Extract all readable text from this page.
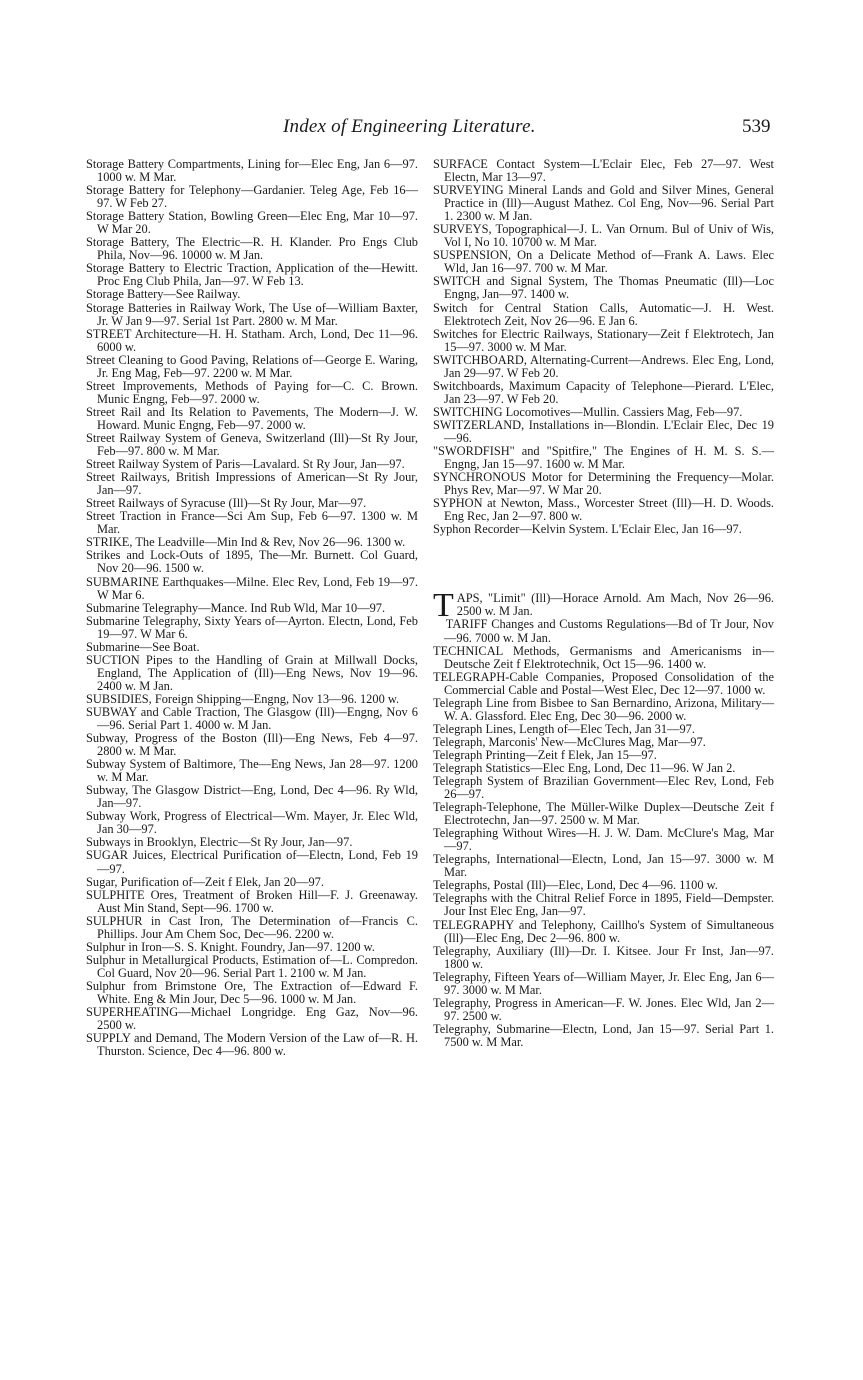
Index of Engineering Literature.	539

Storage Battery Compartments, Lining for—Elec Eng, Jan 6—97. 1000 w. M Mar.

Storage Battery for Telephony—Gardanier. Teleg Age, Feb 16—97. W Feb 27.

Storage Battery Station, Bowling Green—Elec Eng, Mar 10—97. W Mar 20.

Storage Battery, The Electric—R. H. Klander. Pro Engs Club Phila, Nov—96. 10000 w. M Jan.

Storage Battery to Electric Traction, Application of the—Hewitt. Proc Eng Club Phila, Jan—97. W Feb 13.

Storage Battery—See Railway.

Storage Batteries in Railway Work, The Use of—William Baxter, Jr. W Jan 9—97. Serial 1st Part. 2800 w. M Mar.

STREET Architecture—H. H. Statham. Arch, Lond, Dec 11—96. 6000 w.

Street Cleaning to Good Paving, Relations of—George E. Waring, Jr. Eng Mag, Feb—97. 2200 w. M Mar.

Street Improvements, Methods of Paying for—C. C. Brown. Munic Engng, Feb—97. 2000 w.

Street Rail and Its Relation to Pavements, The Modern—J. W. Howard. Munic Engng, Feb—97. 2000 w.

Street Railway System of Geneva, Switzerland (Ill)—St Ry Jour, Feb—97. 800 w. M Mar.

Street Railway System of Paris—Lavalard. St Ry Jour, Jan—97.

Street Railways, British Impressions of American—St Ry Jour, Jan—97.

Street Railways of Syracuse (Ill)—St Ry Jour, Mar—97.

Street Traction in France—Sci Am Sup, Feb 6—97. 1300 w. M Mar.

STRIKE, The Leadville—Min Ind & Rev, Nov 26—96. 1300 w.

Strikes and Lock-Outs of 1895, The—Mr. Burnett. Col Guard, Nov 20—96. 1500 w.

SUBMARINE Earthquakes—Milne. Elec Rev, Lond, Feb 19—97. W Mar 6.

Submarine Telegraphy—Mance. Ind Rub Wld, Mar 10—97.

Submarine Telegraphy, Sixty Years of—Ayrton. Electn, Lond, Feb 19—97. W Mar 6.

Submarine—See Boat.

SUCTION Pipes to the Handling of Grain at Millwall Docks, England, The Application of (Ill)—Eng News, Nov 19—96. 2400 w. M Jan.

SUBSIDIES, Foreign Shipping—Engng, Nov 13—96. 1200 w.

SUBWAY and Cable Traction, The Glasgow (Ill)—Engng, Nov 6—96. Serial Part 1. 4000 w. M Jan.

Subway, Progress of the Boston (Ill)—Eng News, Feb 4—97. 2800 w. M Mar.

Subway System of Baltimore, The—Eng News, Jan 28—97. 1200 w. M Mar.

Subway, The Glasgow District—Eng, Lond, Dec 4—96. Ry Wld, Jan—97.

Subway Work, Progress of Electrical—Wm. Mayer, Jr. Elec Wld, Jan 30—97.

Subways in Brooklyn, Electric—St Ry Jour, Jan—97.

SUGAR Juices, Electrical Purification of—Electn, Lond, Feb 19—97.

Sugar, Purification of—Zeit f Elek, Jan 20—97.

SULPHITE Ores, Treatment of Broken Hill—F. J. Greenaway. Aust Min Stand, Sept—96. 1700 w.

SULPHUR in Cast Iron, The Determination of—Francis C. Phillips. Jour Am Chem Soc, Dec—96. 2200 w.

Sulphur in Iron—S. S. Knight. Foundry, Jan—97. 1200 w.

Sulphur in Metallurgical Products, Estimation of—L. Compredon. Col Guard, Nov 20—96. Serial Part 1. 2100 w. M Jan.

Sulphur from Brimstone Ore, The Extraction of—Edward F. White. Eng & Min Jour, Dec 5—96. 1000 w. M Jan.

SUPERHEATING—Michael Longridge. Eng Gaz, Nov—96. 2500 w.

SUPPLY and Demand, The Modern Version of the Law of—R. H. Thurston. Science, Dec 4—96. 800 w.

SURFACE Contact System—L'Eclair Elec, Feb 27—97. West Electn, Mar 13—97.

SURVEYING Mineral Lands and Gold and Silver Mines, General Practice in (Ill)—August Mathez. Col Eng, Nov—96. Serial Part 1. 2300 w. M Jan.

SURVEYS, Topographical—J. L. Van Ornum. Bul of Univ of Wis, Vol I, No 10. 10700 w. M Mar.

SUSPENSION, On a Delicate Method of—Frank A. Laws. Elec Wld, Jan 16—97. 700 w. M Mar.

SWITCH and Signal System, The Thomas Pneumatic (Ill)—Loc Engng, Jan—97. 1400 w.

Switch for Central Station Calls, Automatic—J. H. West. Elektrotech Zeit, Nov 26—96. E Jan 6.

Switches for Electric Railways, Stationary—Zeit f Elektrotech, Jan 15—97. 3000 w. M Mar.

SWITCHBOARD, Alternating-Current—Andrews. Elec Eng, Lond, Jan 29—97. W Feb 20.

Switchboards, Maximum Capacity of Telephone—Pierard. L'Elec, Jan 23—97. W Feb 20.

SWITCHING Locomotives—Mullin. Cassiers Mag, Feb—97.

SWITZERLAND, Installations in—Blondin. L'Eclair Elec, Dec 19—96.

"SWORDFISH" and "Spitfire," The Engines of H. M. S. S.—Engng, Jan 15—97. 1600 w. M Mar.

SYNCHRONOUS Motor for Determining the Frequency—Molar. Phys Rev, Mar—97. W Mar 20.

SYPHON at Newton, Mass., Worcester Street (Ill)—H. D. Woods. Eng Rec, Jan 2—97. 800 w.

Syphon Recorder—Kelvin System. L'Eclair Elec, Jan 16—97.

TAPS, "Limit" (Ill)—Horace Arnold. Am Mach, Nov 26—96. 2500 w. M Jan.

TARIFF Changes and Customs Regulations—Bd of Tr Jour, Nov—96. 7000 w. M Jan.

TECHNICAL Methods, Germanisms and Americanisms in—Deutsche Zeit f Elektrotechnik, Oct 15—96. 1400 w.

TELEGRAPH-Cable Companies, Proposed Consolidation of the Commercial Cable and Postal—West Elec, Dec 12—97. 1000 w.

Telegraph Line from Bisbee to San Bernardino, Arizona, Military—W. A. Glassford. Elec Eng, Dec 30—96. 2000 w.

Telegraph Lines, Length of—Elec Tech, Jan 31—97.

Telegraph, Marconis' New—McClures Mag, Mar—97.

Telegraph Printing—Zeit f Elek, Jan 15—97.

Telegraph Statistics—Elec Eng, Lond, Dec 11—96. W Jan 2.

Telegraph System of Brazilian Government—Elec Rev, Lond, Feb 26—97.

Telegraph-Telephone, The Müller-Wilke Duplex—Deutsche Zeit f Electrotechn, Jan—97. 2500 w. M Mar.

Telegraphing Without Wires—H. J. W. Dam. McClure's Mag, Mar—97.

Telegraphs, International—Electn, Lond, Jan 15—97. 3000 w. M Mar.

Telegraphs, Postal (Ill)—Elec, Lond, Dec 4—96. 1100 w.

Telegraphs with the Chitral Relief Force in 1895, Field—Dempster. Jour Inst Elec Eng, Jan—97.

TELEGRAPHY and Telephony, Caillho's System of Simultaneous (Ill)—Elec Eng, Dec 2—96. 800 w.

Telegraphy, Auxiliary (Ill)—Dr. I. Kitsee. Jour Fr Inst, Jan—97. 1800 w.

Telegraphy, Fifteen Years of—William Mayer, Jr. Elec Eng, Jan 6—97. 3000 w. M Mar.

Telegraphy, Progress in American—F. W. Jones. Elec Wld, Jan 2—97. 2500 w.

Telegraphy, Submarine—Electn, Lond, Jan 15—97. Serial Part 1. 7500 w. M Mar.
